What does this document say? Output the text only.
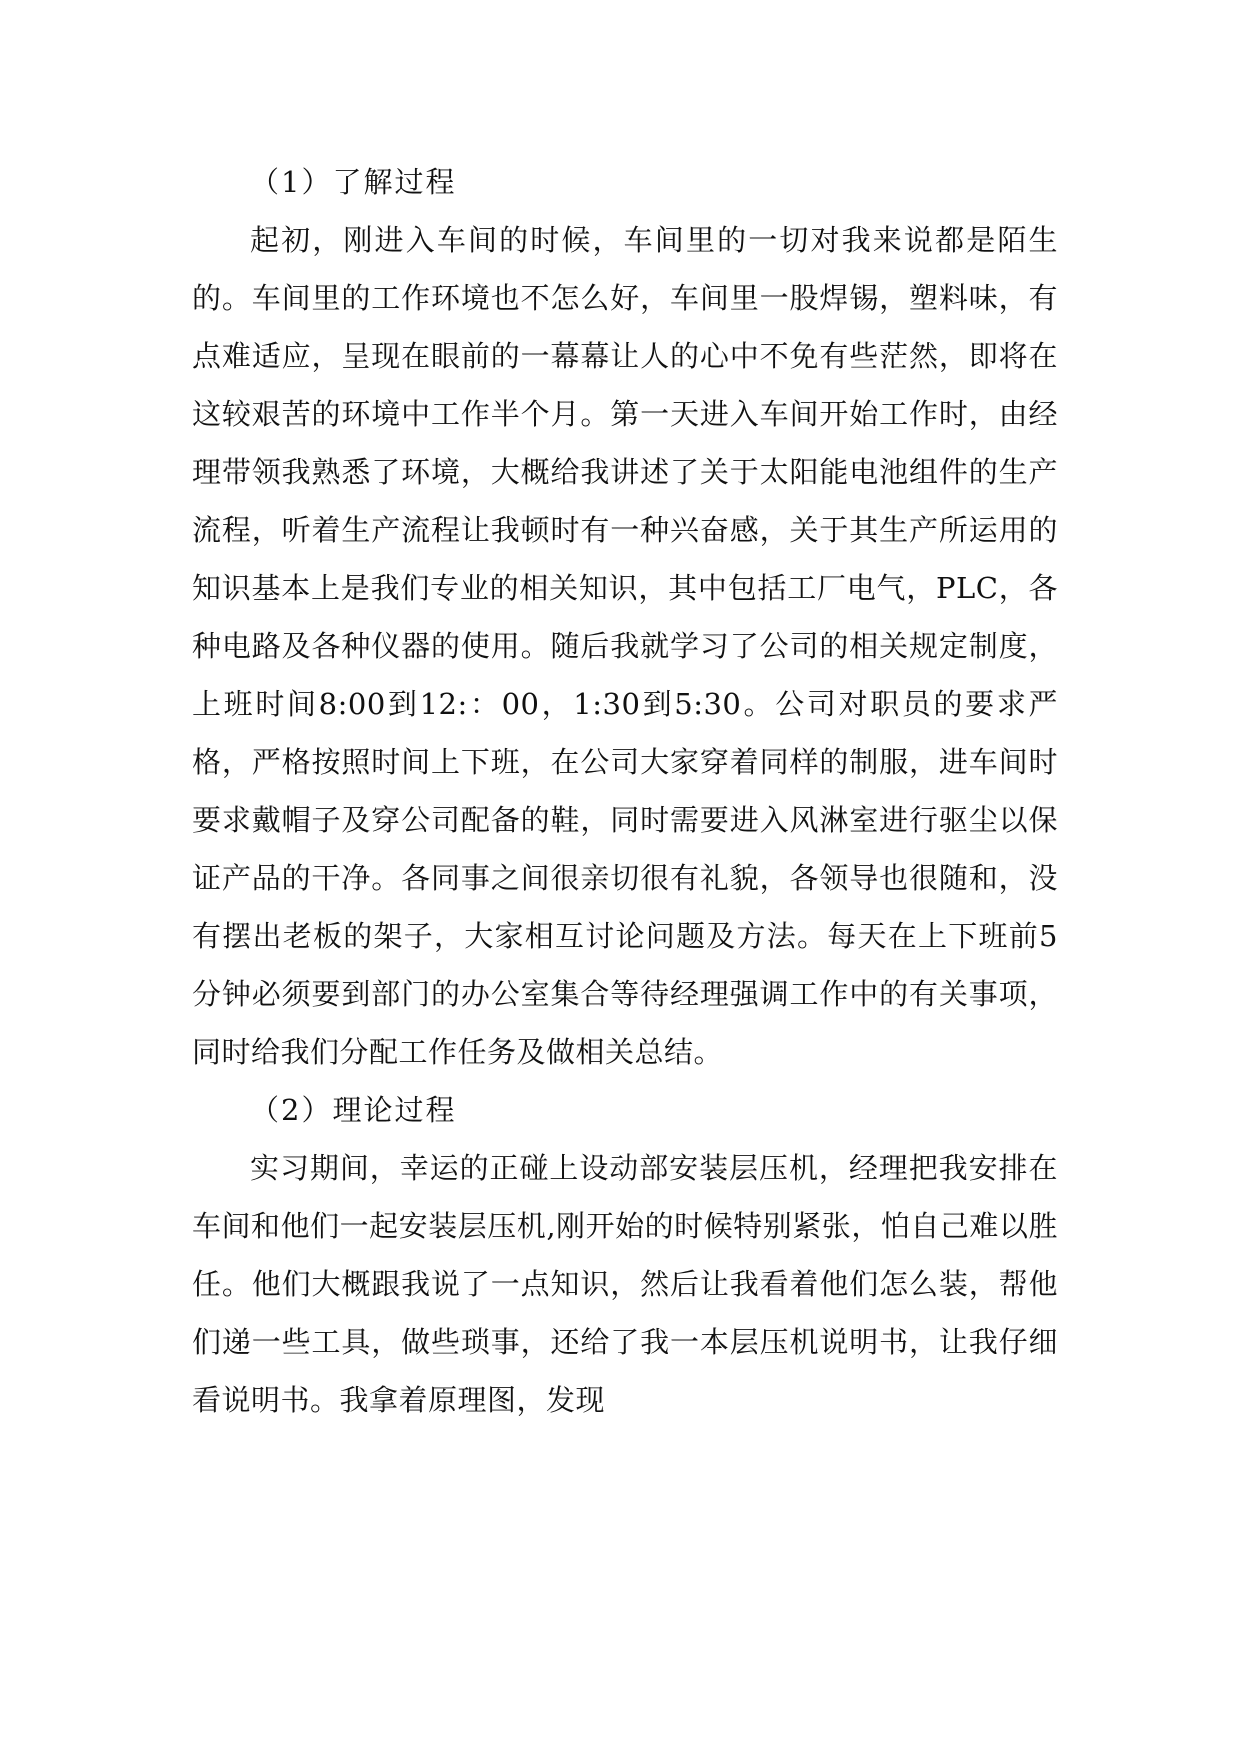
（1）了解过程

起初，刚进入车间的时候，车间里的一切对我来说都是陌生的。车间里的工作环境也不怎么好，车间里一股焊锡，塑料味，有点难适应，呈现在眼前的一幕幕让人的心中不免有些茫然，即将在这较艰苦的环境中工作半个月。第一天进入车间开始工作时，由经理带领我熟悉了环境，大概给我讲述了关于太阳能电池组件的生产流程，听着生产流程让我顿时有一种兴奋感，关于其生产所运用的知识基本上是我们专业的相关知识，其中包括工厂电气，PLC，各种电路及各种仪器的使用。随后我就学习了公司的相关规定制度，上班时间8:00到12:：00，1:30到5:30。公司对职员的要求严格，严格按照时间上下班，在公司大家穿着同样的制服，进车间时要求戴帽子及穿公司配备的鞋，同时需要进入风淋室进行驱尘以保证产品的干净。各同事之间很亲切很有礼貌，各领导也很随和，没有摆出老板的架子，大家相互讨论问题及方法。每天在上下班前5分钟必须要到部门的办公室集合等待经理强调工作中的有关事项，同时给我们分配工作任务及做相关总结。

（2）理论过程

实习期间，幸运的正碰上设动部安装层压机，经理把我安排在车间和他们一起安装层压机,刚开始的时候特别紧张，怕自己难以胜任。他们大概跟我说了一点知识，然后让我看着他们怎么装，帮他们递一些工具，做些琐事，还给了我一本层压机说明书，让我仔细看说明书。我拿着原理图，发现
